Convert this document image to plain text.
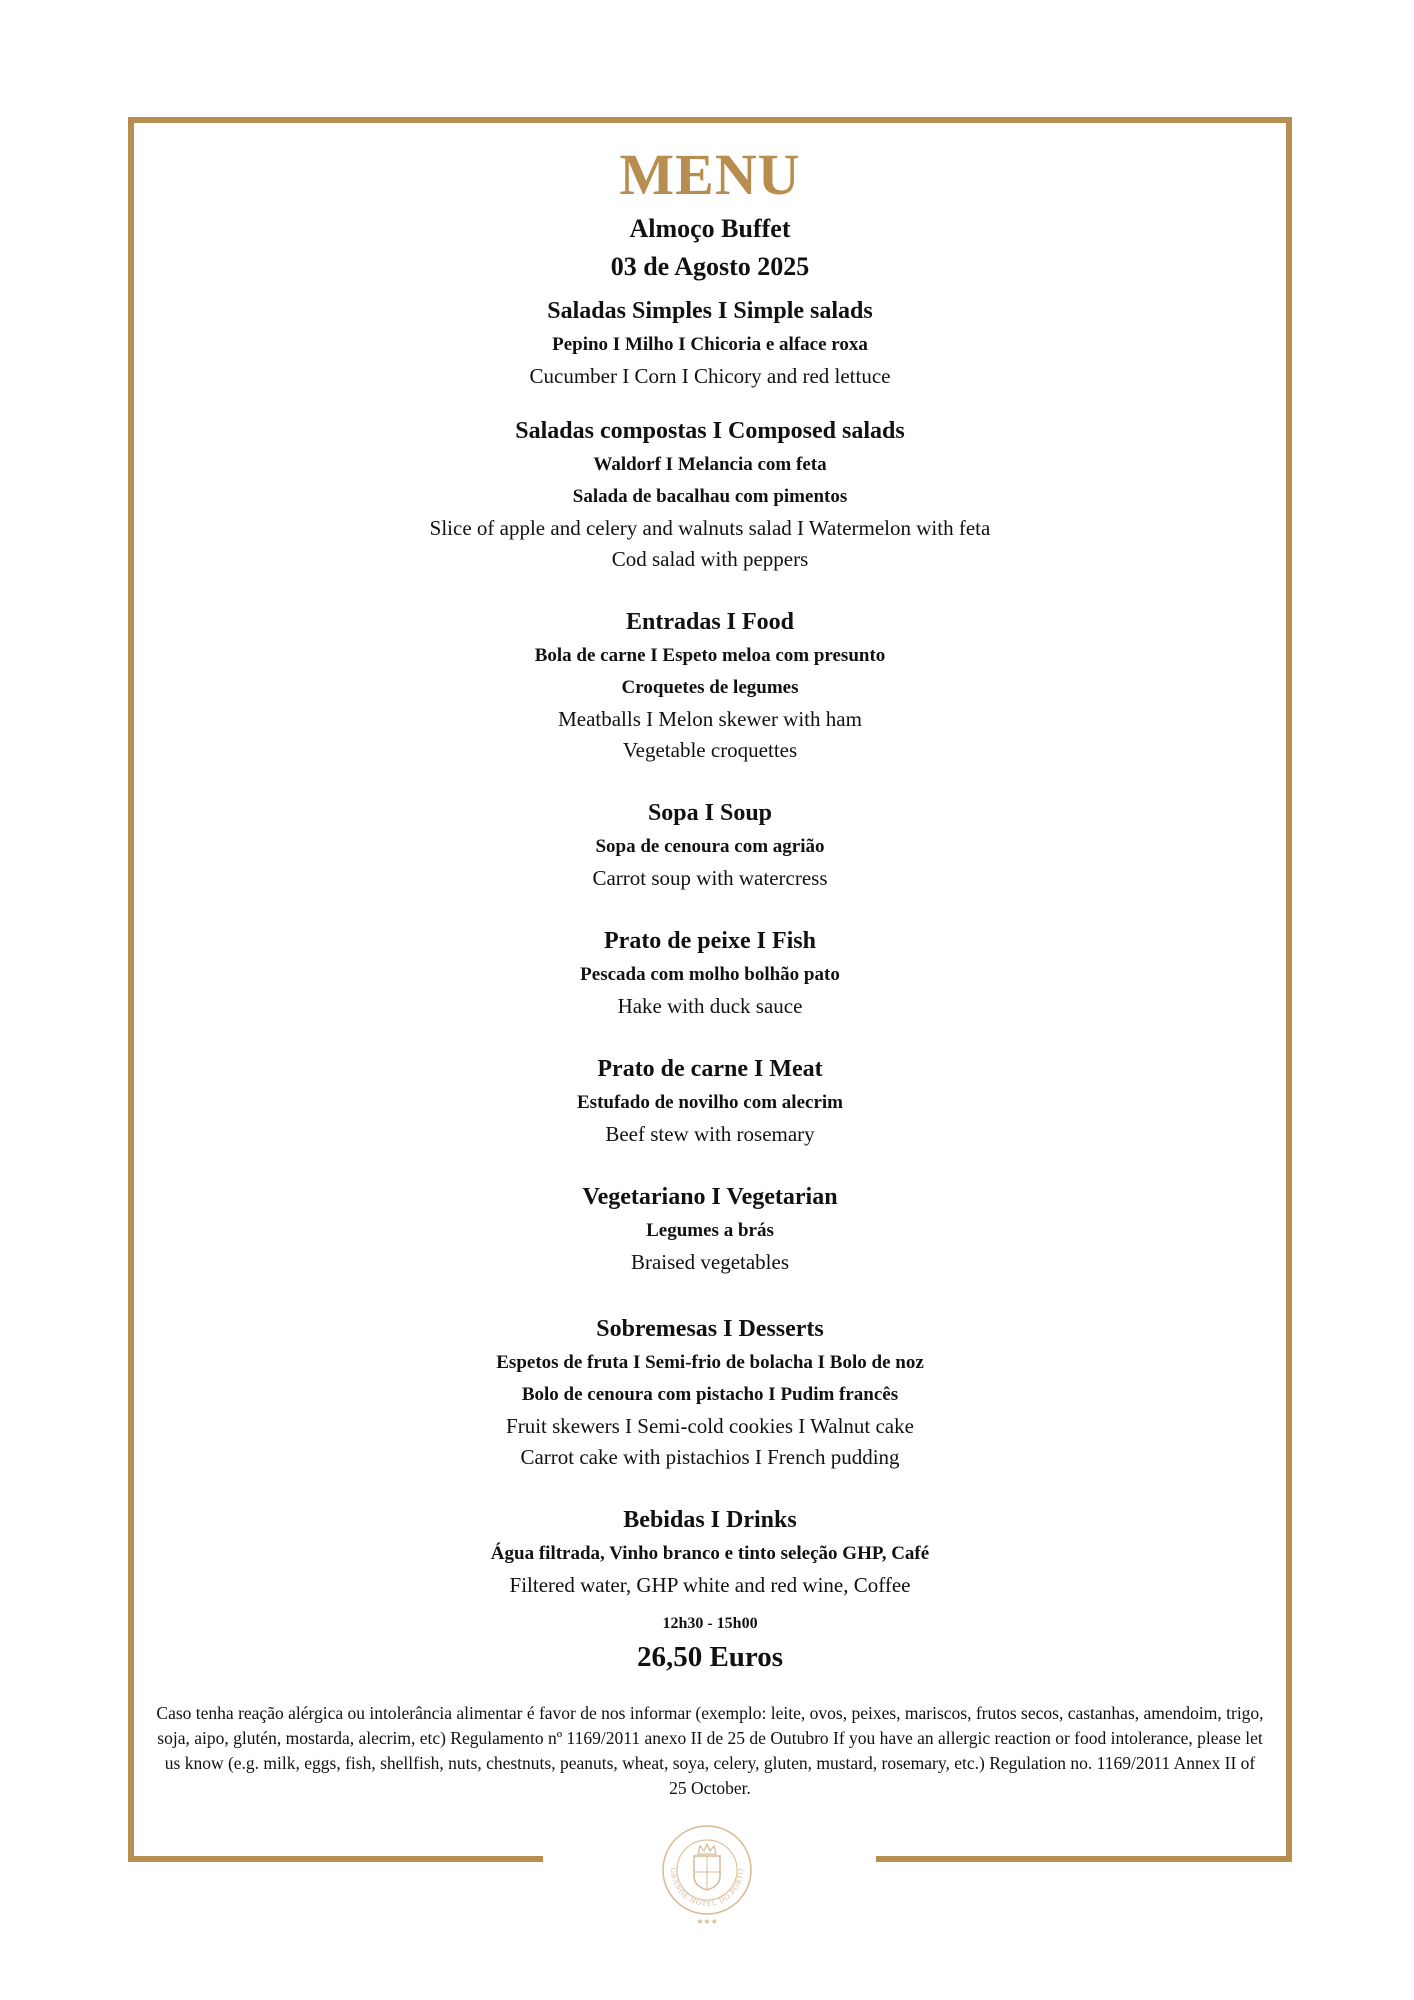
MENU
Almoço Buffet
03 de Agosto 2025
Saladas Simples I Simple salads
Pepino I Milho I Chicoria e alface roxa
Cucumber I Corn I Chicory and red lettuce
Saladas compostas I Composed salads
Waldorf I Melancia com feta
Salada de bacalhau com pimentos
Slice of apple and celery and walnuts salad I Watermelon with feta
Cod salad with peppers
Entradas I Food
Bola de carne I Espeto meloa com presunto
Croquetes de legumes
Meatballs I Melon skewer with ham
Vegetable croquettes
Sopa I Soup
Sopa de cenoura com agrião
Carrot soup with watercress
Prato de peixe I Fish
Pescada com molho bolhão pato
Hake with duck sauce
Prato de carne I Meat
Estufado de novilho com alecrim
Beef stew with rosemary
Vegetariano I Vegetarian
Legumes a brás
Braised vegetables
Sobremesas I Desserts
Espetos de fruta I Semi-frio de bolacha I Bolo de noz
Bolo de cenoura com pistacho I Pudim francês
Fruit skewers I Semi-cold cookies I Walnut cake
Carrot cake with pistachios I French pudding
Bebidas I Drinks
Água filtrada, Vinho branco e tinto seleção GHP, Café
Filtered water, GHP white and red wine, Coffee
12h30 - 15h00
26,50 Euros
Caso tenha reação alérgica ou intolerância alimentar é favor de nos informar (exemplo: leite, ovos, peixes, mariscos, frutos secos, castanhas, amendoim, trigo, soja, aipo, glutén, mostarda, alecrim, etc) Regulamento nº 1169/2011 anexo II de 25 de Outubro If you have an allergic reaction or food intolerance, please let us know (e.g. milk, eggs, fish, shellfish, nuts, chestnuts, peanuts, wheat, soya, celery, gluten, mustard, rosemary, etc.) Regulation no. 1169/2011 Annex II of 25 October.
GRANDE HOTEL DO PORTO
★★★
